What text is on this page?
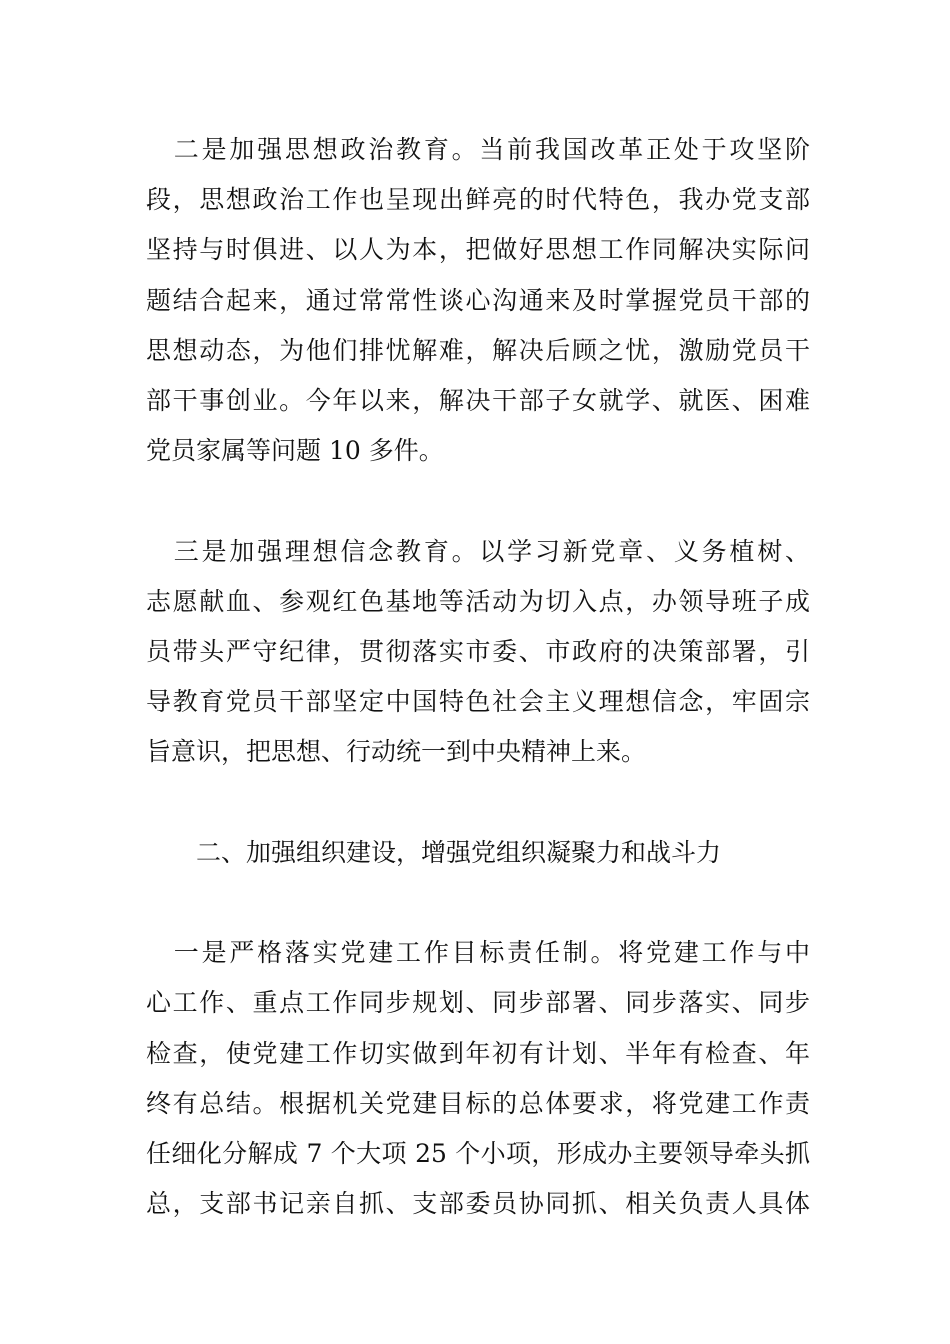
　二是加强思想政治教育。当前我国改革正处于攻坚阶
段，思想政治工作也呈现出鲜亮的时代特色，我办党支部
坚持与时俱进、以人为本，把做好思想工作同解决实际问
题结合起来，通过常常性谈心沟通来及时掌握党员干部的
思想动态，为他们排忧解难，解决后顾之忧，激励党员干
部干事创业。今年以来，解决干部子女就学、就医、困难
党员家属等问题 10 多件。
　三是加强理想信念教育。以学习新党章、义务植树、
志愿献血、参观红色基地等活动为切入点，办领导班子成
员带头严守纪律，贯彻落实市委、市政府的决策部署，引
导教育党员干部坚定中国特色社会主义理想信念，牢固宗
旨意识，把思想、行动统一到中央精神上来。
二、加强组织建设，增强党组织凝聚力和战斗力
　一是严格落实党建工作目标责任制。将党建工作与中
心工作、重点工作同步规划、同步部署、同步落实、同步
检查，使党建工作切实做到年初有计划、半年有检查、年
终有总结。根据机关党建目标的总体要求，将党建工作责
任细化分解成 7 个大项 25 个小项，形成办主要领导牵头抓
总，支部书记亲自抓、支部委员协同抓、相关负责人具体
